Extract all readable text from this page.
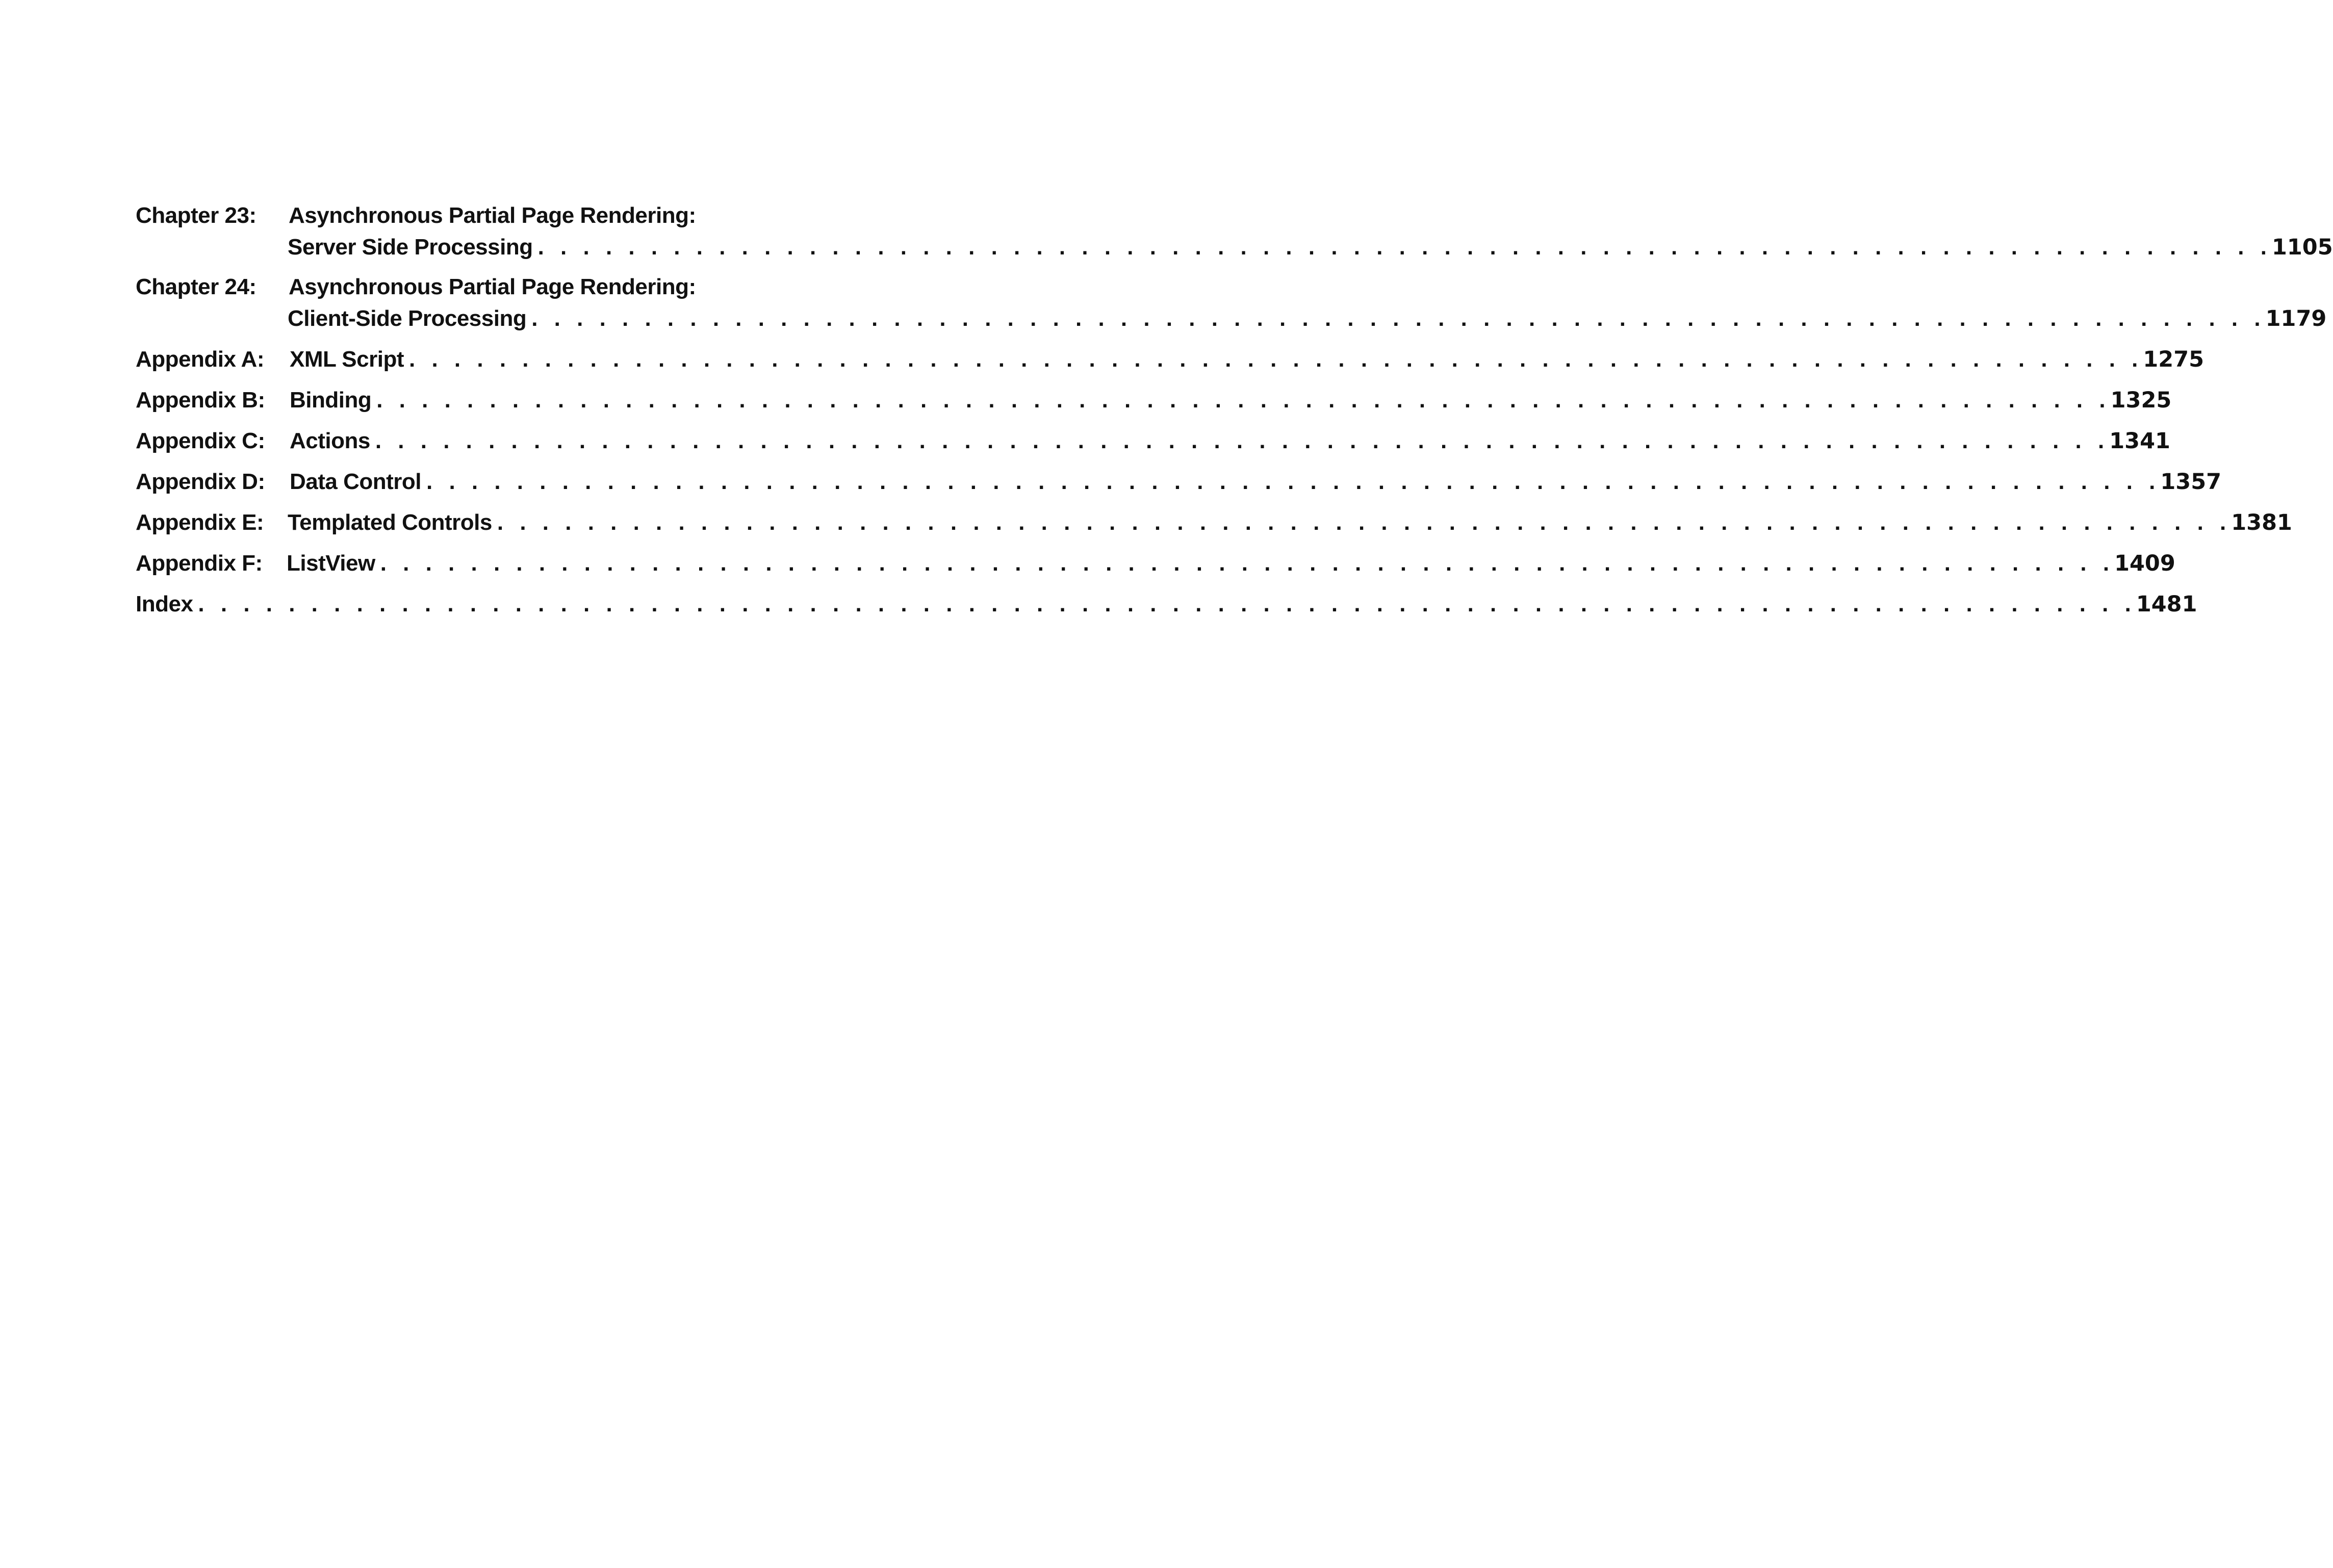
Chapter 23: Asynchronous Partial Page Rendering:
Server Side Processing . . . . . . . . . . . . . . . . . . . . . . . . . . . . . . . . . . . . . . . . . . . . . . . . . . . . . . . . . . . . . . . . . . . . . . . . . . . . . 1105
Chapter 24: Asynchronous Partial Page Rendering:
Client-Side Processing . . . . . . . . . . . . . . . . . . . . . . . . . . . . . . . . . . . . . . . . . . . . . . . . . . . . . . . . . . . . . . . . . . . . . . . . . . . . . 1179
Appendix A: XML Script . . . . . . . . . . . . . . . . . . . . . . . . . . . . . . . . . . . . . . . . . . . . . . . . . . . . . . . . . . . . . . . . . . . . . . . . . . . . . 1275
Appendix B: Binding . . . . . . . . . . . . . . . . . . . . . . . . . . . . . . . . . . . . . . . . . . . . . . . . . . . . . . . . . . . . . . . . . . . . . . . . . . . . . 1325
Appendix C: Actions . . . . . . . . . . . . . . . . . . . . . . . . . . . . . . . . . . . . . . . . . . . . . . . . . . . . . . . . . . . . . . . . . . . . . . . . . . . . . 1341
Appendix D: Data Control . . . . . . . . . . . . . . . . . . . . . . . . . . . . . . . . . . . . . . . . . . . . . . . . . . . . . . . . . . . . . . . . . . . . . . . . . . . . . 1357
Appendix E: Templated Controls . . . . . . . . . . . . . . . . . . . . . . . . . . . . . . . . . . . . . . . . . . . . . . . . . . . . . . . . . . . . . . . . . . . . . . . . . . . . . 1381
Appendix F: ListView . . . . . . . . . . . . . . . . . . . . . . . . . . . . . . . . . . . . . . . . . . . . . . . . . . . . . . . . . . . . . . . . . . . . . . . . . . . . . 1409
Index . . . . . . . . . . . . . . . . . . . . . . . . . . . . . . . . . . . . . . . . . . . . . . . . . . . . . . . . . . . . . . . . . . . . . . . . . . . . . . . . . . . . . . 1481
